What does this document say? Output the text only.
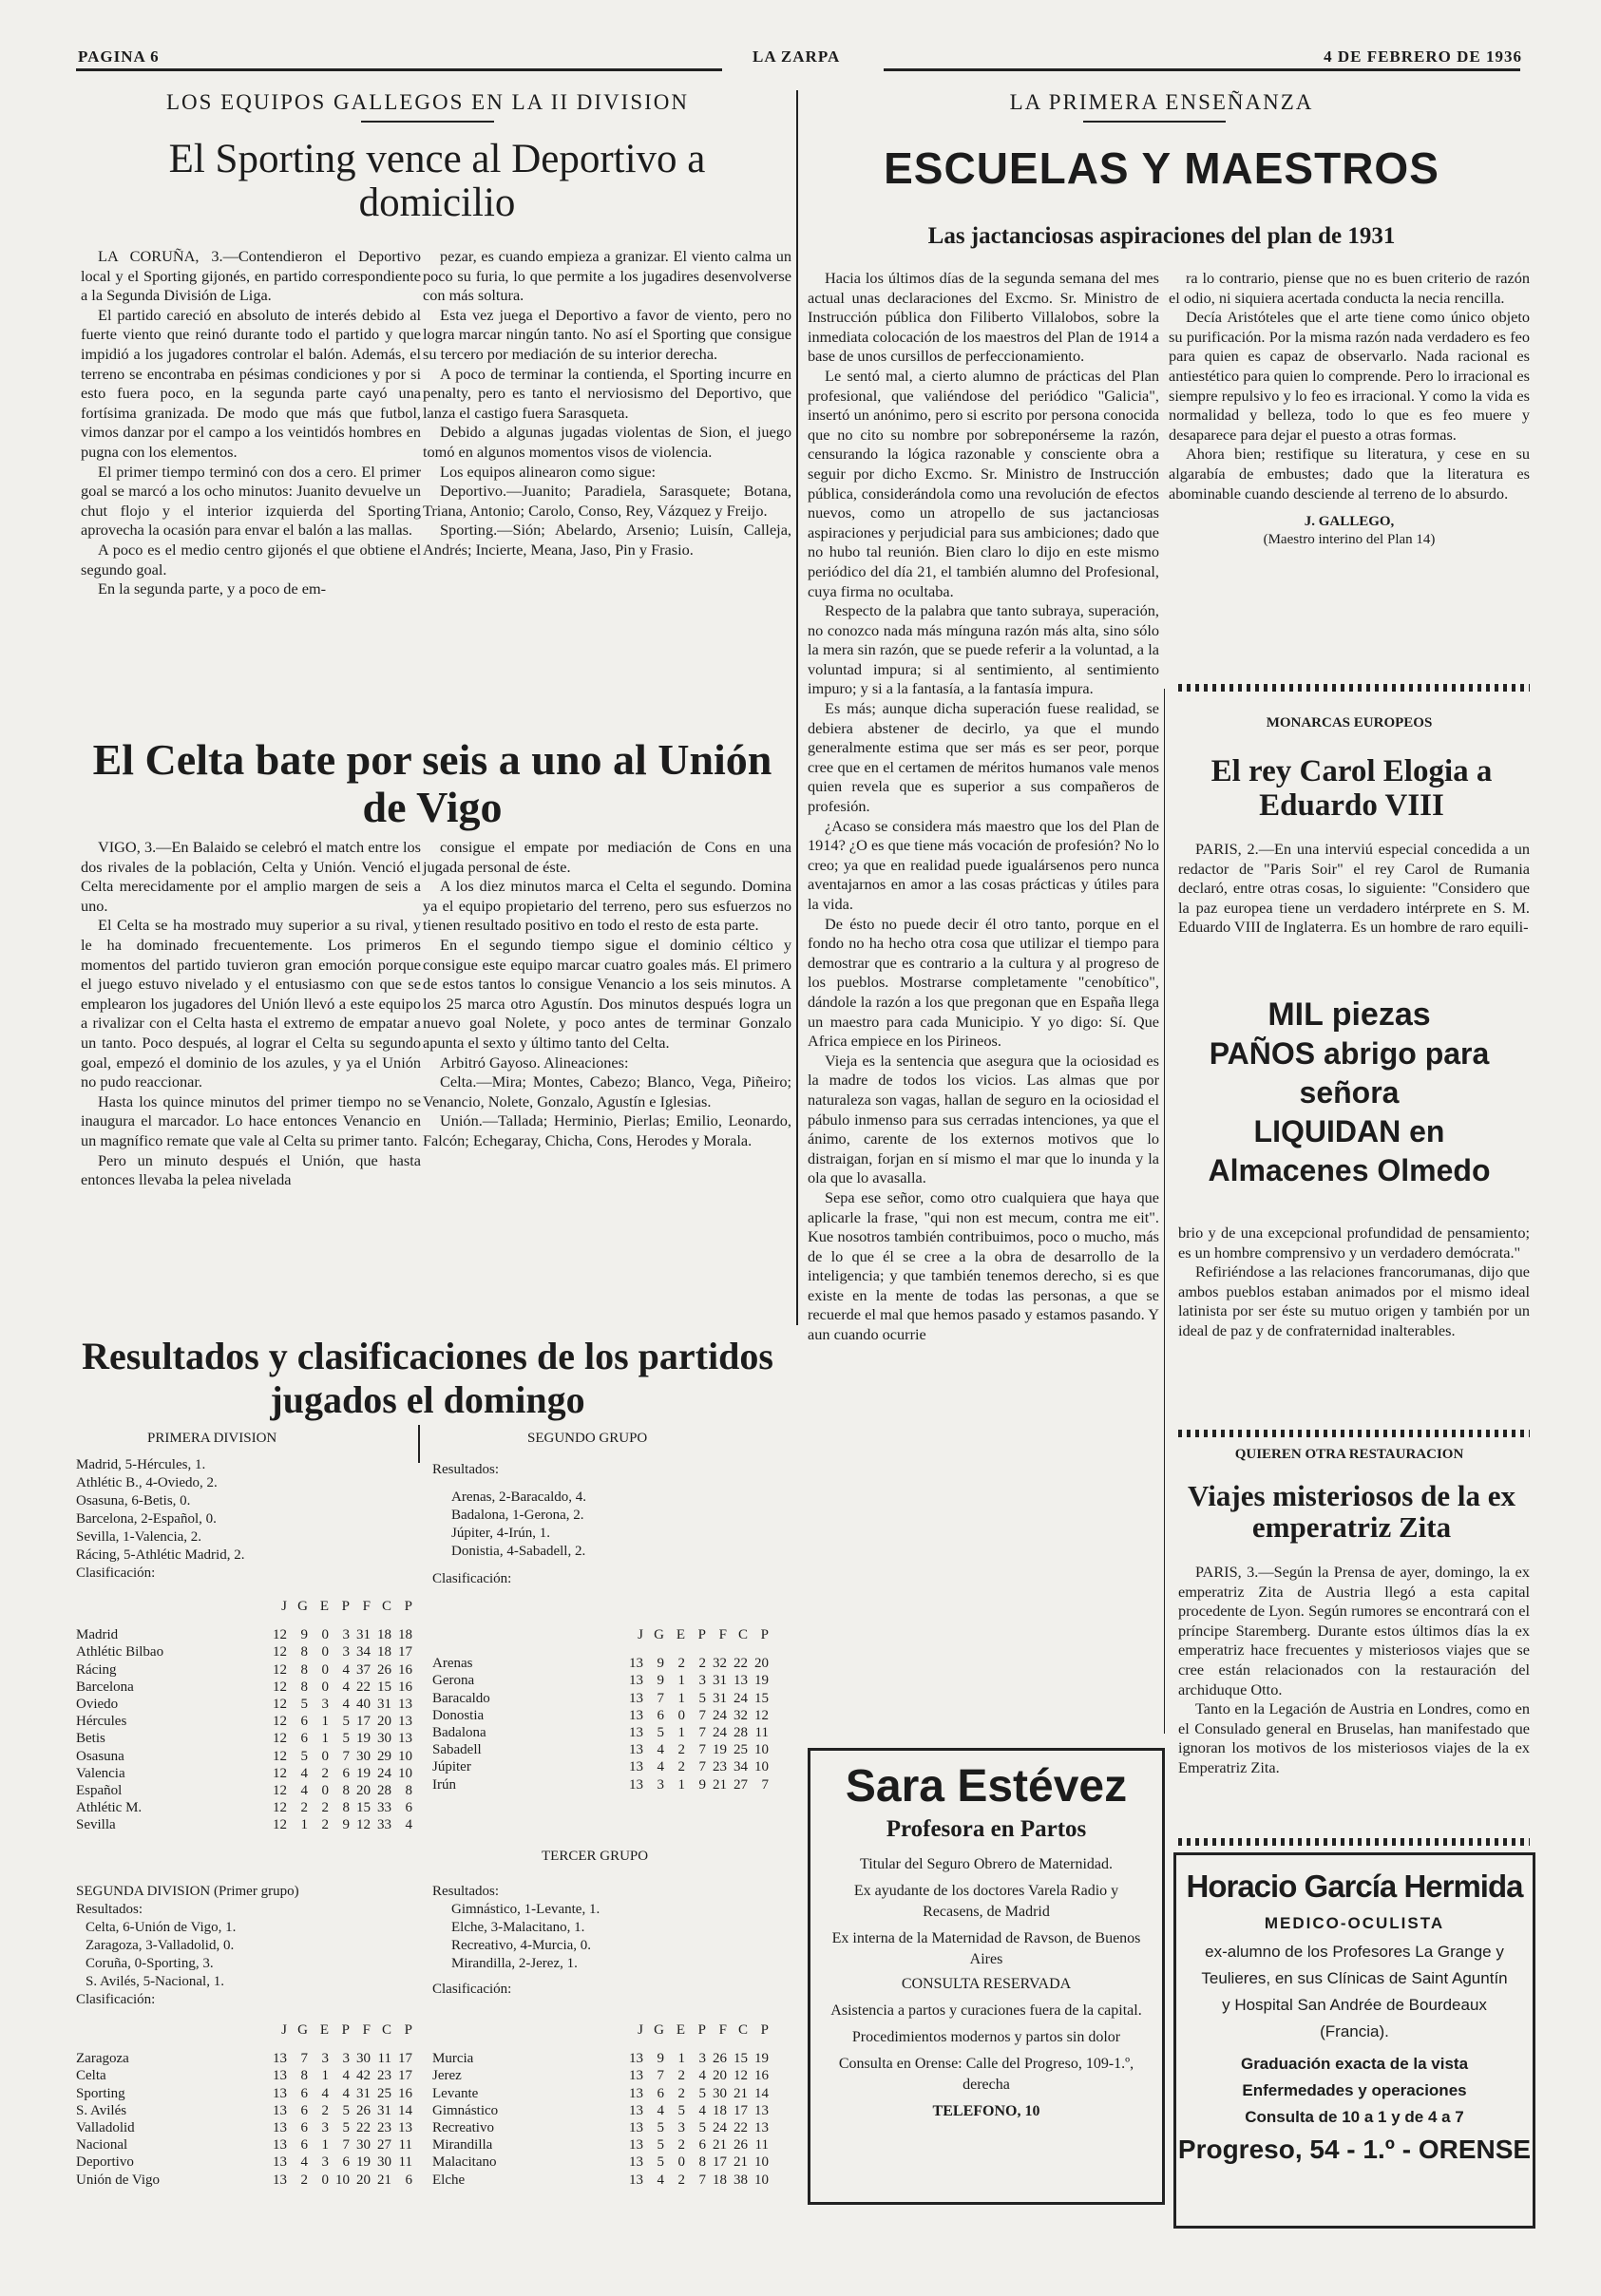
PAGINA 6	LA ZARPA	4 DE FEBRERO DE 1936
LOS EQUIPOS GALLEGOS EN LA II DIVISION
El Sporting vence al Deportivo a domicilio

LA CORUÑA, 3.—Contendieron el Deportivo local y el Sporting gijonés, en partido correspondiente a la Segunda División de Liga.

El partido careció en absoluto de interés debido al fuerte viento que reinó durante todo el partido y que impidió a los jugadores controlar el balón. Además, el terreno se encontraba en pésimas condiciones y por si esto fuera poco, en la segunda parte cayó una fortísima granizada. De modo que más que futbol, vimos danzar por el campo a los veintidós hombres en pugna con los elementos.

El primer tiempo terminó con dos a cero. El primer goal se marcó a los ocho minutos: Juanito devuelve un chut flojo y el interior izquierda del Sporting aprovecha la ocasión para envar el balón a las mallas.

A poco es el medio centro gijonés el que obtiene el segundo goal.

En la segunda parte, y a poco de em-

pezar, es cuando empieza a granizar. El viento calma un poco su furia, lo que permite a los jugadires desenvolverse con más soltura.

Esta vez juega el Deportivo a favor de viento, pero no logra marcar ningún tanto. No así el Sporting que consigue su tercero por mediación de su interior derecha.

A poco de terminar la contienda, el Sporting incurre en penalty, pero es tanto el nerviosismo del Deportivo, que lanza el castigo fuera Sarasqueta.

Debido a algunas jugadas violentas de Sion, el juego tomó en algunos momentos visos de violencia.

Los equipos alinearon como sigue:

Deportivo.—Juanito; Paradiela, Sarasquete; Botana, Triana, Antonio; Carolo, Conso, Rey, Vázquez y Freijo.

Sporting.—Sión; Abelardo, Arsenio; Luisín, Calleja, Andrés; Incierte, Meana, Jaso, Pin y Frasio.

El Celta bate por seis a uno al Unión de Vigo

VIGO, 3.—En Balaido se celebró el match entre los dos rivales de la población, Celta y Unión. Venció el Celta merecidamente por el amplio margen de seis a uno.

El Celta se ha mostrado muy superior a su rival, y le ha dominado frecuentemente. Los primeros momentos del partido tuvieron gran emoción porque el juego estuvo nivelado y el entusiasmo con que se emplearon los jugadores del Unión llevó a este equipo a rivalizar con el Celta hasta el extremo de empatar a un tanto. Poco después, al lograr el Celta su segundo goal, empezó el dominio de los azules, y ya el Unión no pudo reaccionar.

Hasta los quince minutos del primer tiempo no se inaugura el marcador. Lo hace entonces Venancio en un magnífico remate que vale al Celta su primer tanto.

Pero un minuto después el Unión, que hasta entonces llevaba la pelea nivelada

consigue el empate por mediación de Cons en una jugada personal de éste.

A los diez minutos marca el Celta el segundo. Domina ya el equipo propietario del terreno, pero sus esfuerzos no tienen resultado positivo en todo el resto de esta parte.

En el segundo tiempo sigue el dominio céltico y consigue este equipo marcar cuatro goales más. El primero de estos tantos lo consigue Venancio a los seis minutos. A los 25 marca otro Agustín. Dos minutos después logra un nuevo goal Nolete, y poco antes de terminar Gonzalo apunta el sexto y último tanto del Celta.

Arbitró Gayoso. Alineaciones:

Celta.—Mira; Montes, Cabezo; Blanco, Vega, Piñeiro; Venancio, Nolete, Gonzalo, Agustín e Iglesias.

Unión.—Tallada; Herminio, Pierlas; Emilio, Leonardo, Falcón; Echegaray, Chicha, Cons, Herodes y Morala.

Resultados y clasificaciones de los partidos jugados el domingo
PRIMERA DIVISION
Madrid, 5-Hércules, 1.
Athlétic B., 4-Oviedo, 2.
Osasuna, 6-Betis, 0.
Barcelona, 2-Español, 0.
Sevilla, 1-Valencia, 2.
Rácing, 5-Athlétic Madrid, 2.
Clasificación:
	J	G	E	P	F	C	P
Madrid	12	9	0	3	31	18	18
Athlétic Bilbao	12	8	0	3	34	18	17
Rácing	12	8	0	4	37	26	16
Barcelona	12	8	0	4	22	15	16
Oviedo	12	5	3	4	40	31	13
Hércules	12	6	1	5	17	20	13
Betis	12	6	1	5	19	30	13
Osasuna	12	5	0	7	30	29	10
Valencia	12	4	2	6	19	24	10
Español	12	4	0	8	20	28	8
Athlétic M.	12	2	2	8	15	33	6
Sevilla	12	1	2	9	12	33	4
SEGUNDO GRUPO
Resultados:
Arenas, 2-Baracaldo, 4.
Badalona, 1-Gerona, 2.
Júpiter, 4-Irún, 1.
Donistia, 4-Sabadell, 2.
Clasificación:
	J	G	E	P	F	C	P
Arenas	13	9	2	2	32	22	20
Gerona	13	9	1	3	31	13	19
Baracaldo	13	7	1	5	31	24	15
Donostia	13	6	0	7	24	32	12
Badalona	13	5	1	7	24	28	11
Sabadell	13	4	2	7	19	25	10
Júpiter	13	4	2	7	23	34	10
Irún	13	3	1	9	21	27	7
SEGUNDA DIVISION (Primer grupo)
Resultados:
Celta, 6-Unión de Vigo, 1.
Zaragoza, 3-Valladolid, 0.
Coruña, 0-Sporting, 3.
S. Avilés, 5-Nacional, 1.
Clasificación:
	J	G	E	P	F	C	P
Zaragoza	13	7	3	3	30	11	17
Celta	13	8	1	4	42	23	17
Sporting	13	6	4	4	31	25	16
S. Avilés	13	6	2	5	26	31	14
Valladolid	13	6	3	5	22	23	13
Nacional	13	6	1	7	30	27	11
Deportivo	13	4	3	6	19	30	11
Unión de Vigo	13	2	0	10	20	21	6
TERCER GRUPO
Resultados:
Gimnástico, 1-Levante, 1.
Elche, 3-Malacitano, 1.
Recreativo, 4-Murcia, 0.
Mirandilla, 2-Jerez, 1.
Clasificación:
	J	G	E	P	F	C	P
Murcia	13	9	1	3	26	15	19
Jerez	13	7	2	4	20	12	16
Levante	13	6	2	5	30	21	14
Gimnástico	13	4	5	4	18	17	13
Recreativo	13	5	3	5	24	22	13
Mirandilla	13	5	2	6	21	26	11
Malacitano	13	5	0	8	17	21	10
Elche	13	4	2	7	18	38	10
LA PRIMERA ENSEÑANZA
ESCUELAS Y MAESTROS
Las jactanciosas aspiraciones del plan de 1931

Hacia los últimos días de la segunda semana del mes actual unas declaraciones del Excmo. Sr. Ministro de Instrucción pública don Filiberto Villalobos, sobre la inmediata colocación de los maestros del Plan de 1914 a base de unos cursillos de perfeccionamiento.

Le sentó mal, a cierto alumno de prácticas del Plan profesional, que valiéndose del periódico "Galicia", insertó un anónimo, pero si escrito por persona conocida que no cito su nombre por sobreponérseme la razón, censurando la lógica razonable y consciente obra a seguir por dicho Excmo. Sr. Ministro de Instrucción pública, considerándola como una revolución de efectos nuevos, como un atropello de sus jactanciosas aspiraciones y perjudicial para sus ambiciones; dado que no hubo tal reunión. Bien claro lo dijo en este mismo periódico del día 21, el también alumno del Profesional, cuya firma no ocultaba.

Respecto de la palabra que tanto subraya, superación, no conozco nada más mínguna razón más alta, sino sólo la mera sin razón, que se puede referir a la voluntad, a la voluntad impura; si al sentimiento, al sentimiento impuro; y si a la fantasía, a la fantasía impura.

Es más; aunque dicha superación fuese realidad, se debiera abstener de decirlo, ya que el mundo generalmente estima que ser más es ser peor, porque cree que en el certamen de méritos humanos vale menos quien revela que es superior a sus compañeros de profesión.

¿Acaso se considera más maestro que los del Plan de 1914? ¿O es que tiene más vocación de profesión? No lo creo; ya que en realidad puede igualársenos pero nunca aventajarnos en amor a las cosas prácticas y útiles para la vida.

De ésto no puede decir él otro tanto, porque en el fondo no ha hecho otra cosa que utilizar el tiempo para demostrar que es contrario a la cultura y al progreso de los pueblos. Mostrarse completamente "cenobítico", dándole la razón a los que pregonan que en España llega un maestro para cada Municipio. Y yo digo: Sí. Que Africa empiece en los Pirineos.

Vieja es la sentencia que asegura que la ociosidad es la madre de todos los vicios. Las almas que por naturaleza son vagas, hallan de seguro en la ociosidad el pábulo inmenso para sus cerradas intenciones, ya que el ánimo, carente de los externos motivos que lo distraigan, forjan en sí mismo el mar que lo inunda y la ola que lo avasalla.

Sepa ese señor, como otro cualquiera que haya que aplicarle la frase, "qui non est mecum, contra me eit". Kue nosotros también contribuimos, poco o mucho, más de lo que él se cree a la obra de desarrollo de la inteligencia; y que también tenemos derecho, si es que existe en la mente de todas las personas, a que se recuerde el mal que hemos pasado y estamos pasando. Y aun cuando ocurrie

ra lo contrario, piense que no es buen criterio de razón el odio, ni siquiera acertada conducta la necia rencilla.

Decía Aristóteles que el arte tiene como único objeto su purificación. Por la misma razón nada verdadero es feo para quien es capaz de observarlo. Nada racional es antiestético para quien lo comprende. Pero lo irracional es siempre repulsivo y lo feo es irracional. Y como la vida es normalidad y belleza, todo lo que es feo muere y desaparece para dejar el puesto a otras formas.

Ahora bien; restifique su literatura, y cese en su algarabía de embustes; dado que la literatura es abominable cuando desciende al terreno de lo absurdo.

J. GALLEGO,
(Maestro interino del Plan 14)
MONARCAS EUROPEOS
El rey Carol Elogia a Eduardo VIII

PARIS, 2.—En una interviú especial concedida a un redactor de "Paris Soir" el rey Carol de Rumania declaró, entre otras cosas, lo siguiente: "Considero que la paz europea tiene un verdadero intérprete en S. M. Eduardo VIII de Inglaterra. Es un hombre de raro equili-

MIL piezas
PAÑOS abrigo para
señora
LIQUIDAN en
Almacenes Olmedo

brio y de una excepcional profundidad de pensamiento; es un hombre comprensivo y un verdadero demócrata."

Refiriéndose a las relaciones francorumanas, dijo que ambos pueblos estaban animados por el mismo ideal latinista por ser éste su mutuo origen y también por un ideal de paz y de confraternidad inalterables.

QUIEREN OTRA RESTAURACION
Viajes misteriosos de la ex emperatriz Zita

PARIS, 3.—Según la Prensa de ayer, domingo, la ex emperatriz Zita de Austria llegó a esta capital procedente de Lyon. Según rumores se encontrará con el príncipe Staremberg. Durante estos últimos días la ex emperatriz hace frecuentes y misteriosos viajes que se cree están relacionados con la restauración del archiduque Otto.

Tanto en la Legación de Austria en Londres, como en el Consulado general en Bruselas, han manifestado que ignoran los motivos de los misteriosos viajes de la ex Emperatriz Zita.

Sara Estévez
Profesora en Partos
Titular del Seguro Obrero de Maternidad.
Ex ayudante de los doctores Varela Radio y Recasens, de Madrid
Ex interna de la Maternidad de Ravson, de Buenos Aires
CONSULTA RESERVADA
Asistencia a partos y curaciones fuera de la capital.
Procedimientos modernos y partos sin dolor
Consulta en Orense: Calle del Progreso, 109-1.º, derecha
TELEFONO, 10
Horacio García Hermida
MEDICO-OCULISTA
ex-alumno de los Profesores La Grange y Teulieres, en sus Clínicas de Saint Aguntín y Hospital San Andrée de Bourdeaux (Francia).
Graduación exacta de la vista
Enfermedades y operaciones
Consulta de 10 a 1 y de 4 a 7
Progreso, 54 - 1.º - ORENSE
